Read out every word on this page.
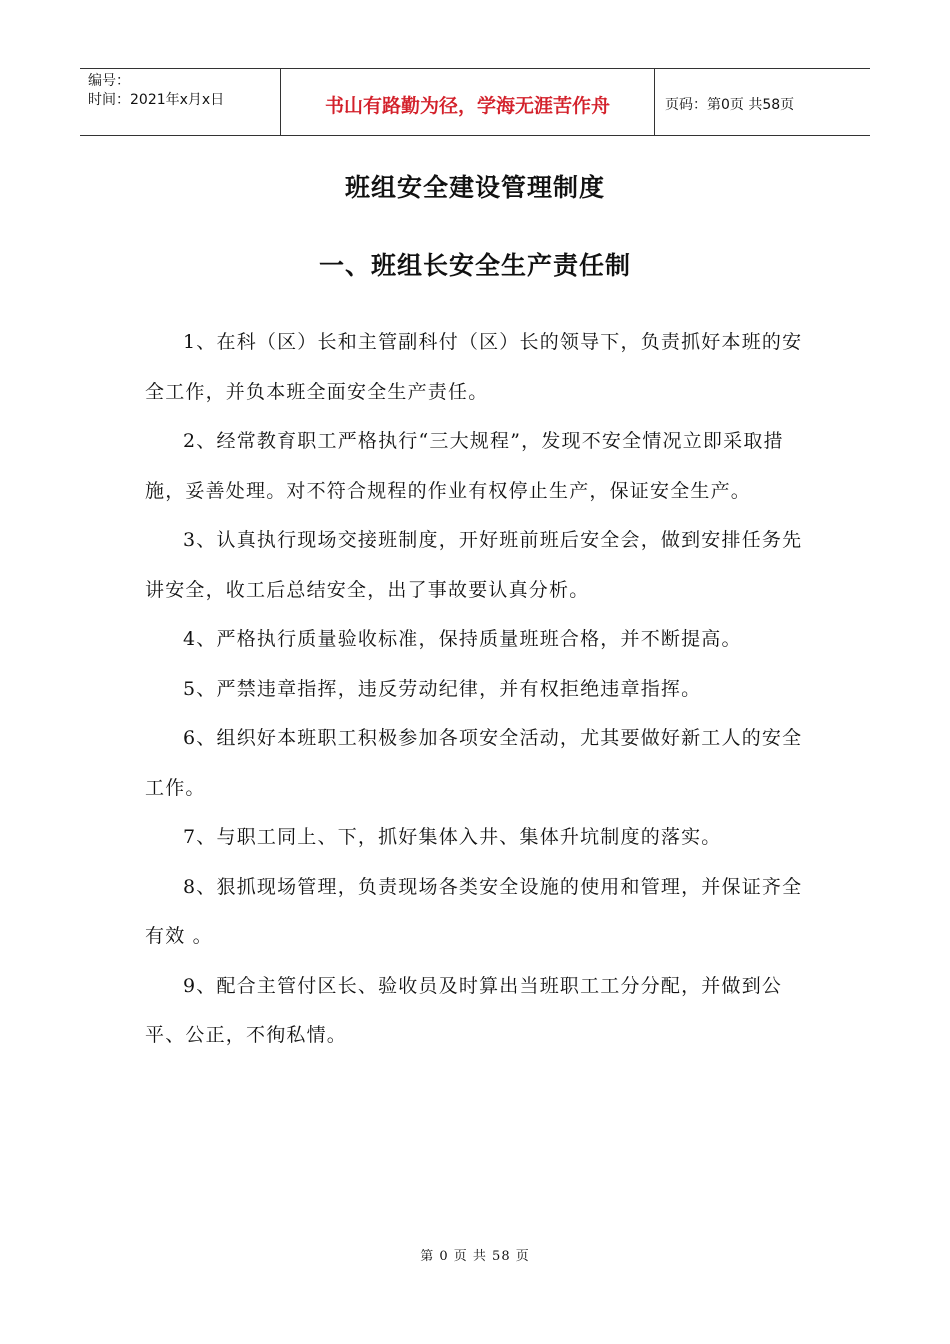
编号：
时间：2021年x月x日	书山有路勤为径，学海无涯苦作舟	页码：第0页 共58页
班组安全建设管理制度
一、班组长安全生产责任制

1、在科（区）长和主管副科付（区）长的领导下，负责抓好本班的安全工作，并负本班全面安全生产责任。

2、经常教育职工严格执行“三大规程”，发现不安全情况立即采取措施，妥善处理。对不符合规程的作业有权停止生产，保证安全生产。

3、认真执行现场交接班制度，开好班前班后安全会，做到安排任务先讲安全，收工后总结安全，出了事故要认真分析。

4、严格执行质量验收标准，保持质量班班合格，并不断提高。

5、严禁违章指挥，违反劳动纪律，并有权拒绝违章指挥。

6、组织好本班职工积极参加各项安全活动，尤其要做好新工人的安全工作。

7、与职工同上、下，抓好集体入井、集体升坑制度的落实。

8、狠抓现场管理，负责现场各类安全设施的使用和管理，并保证齐全有效 。

9、配合主管付区长、验收员及时算出当班职工工分分配，并做到公平、公正，不徇私情。

第 0 页 共 58 页
